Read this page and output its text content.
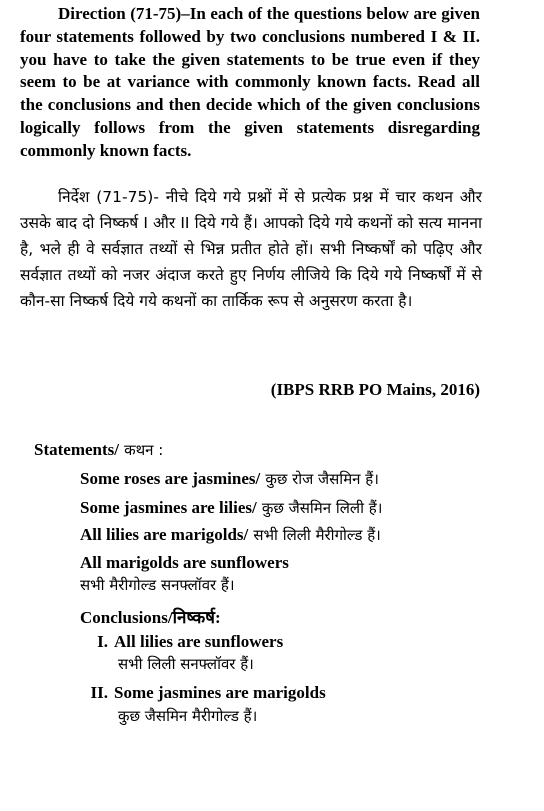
Direction (71-75)–In each of the questions below are given four statements followed by two conclusions numbered I & II. you have to take the given statements to be true even if they seem to be at variance with commonly known facts. Read all the conclusions and then decide which of the given conclusions logically follows from the given statements disregarding commonly known facts.

निर्देश (71-75)- नीचे दिये गये प्रश्नों में से प्रत्येक प्रश्न में चार कथन और उसके बाद दो निष्कर्ष I और II दिये गये हैं। आपको दिये गये कथनों को सत्य मानना है, भले ही वे सर्वज्ञात तथ्यों से भिन्न प्रतीत होते हों। सभी निष्कर्षों को पढ़िए और सर्वज्ञात तथ्यों को नजर अंदाज करते हुए निर्णय लीजिये कि दिये गये निष्कर्षों में से कौन-सा निष्कर्ष दिये गये कथनों का तार्किक रूप से अनुसरण करता है।

(IBPS RRB PO Mains, 2016)
Statements/ कथन :
Some roses are jasmines/ कुछ रोज जैसमिन हैं।
Some jasmines are lilies/ कुछ जैसमिन लिली हैं।
All lilies are marigolds/ सभी लिली मैरीगोल्ड हैं।
All marigolds are sunflowers
सभी मैरीगोल्ड सनफ्लॉवर हैं।
Conclusions/निष्कर्ष:
I. All lilies are sunflowers
सभी लिली सनफ्लॉवर हैं।
II. Some jasmines are marigolds
कुछ जैसमिन मैरीगोल्ड हैं।
